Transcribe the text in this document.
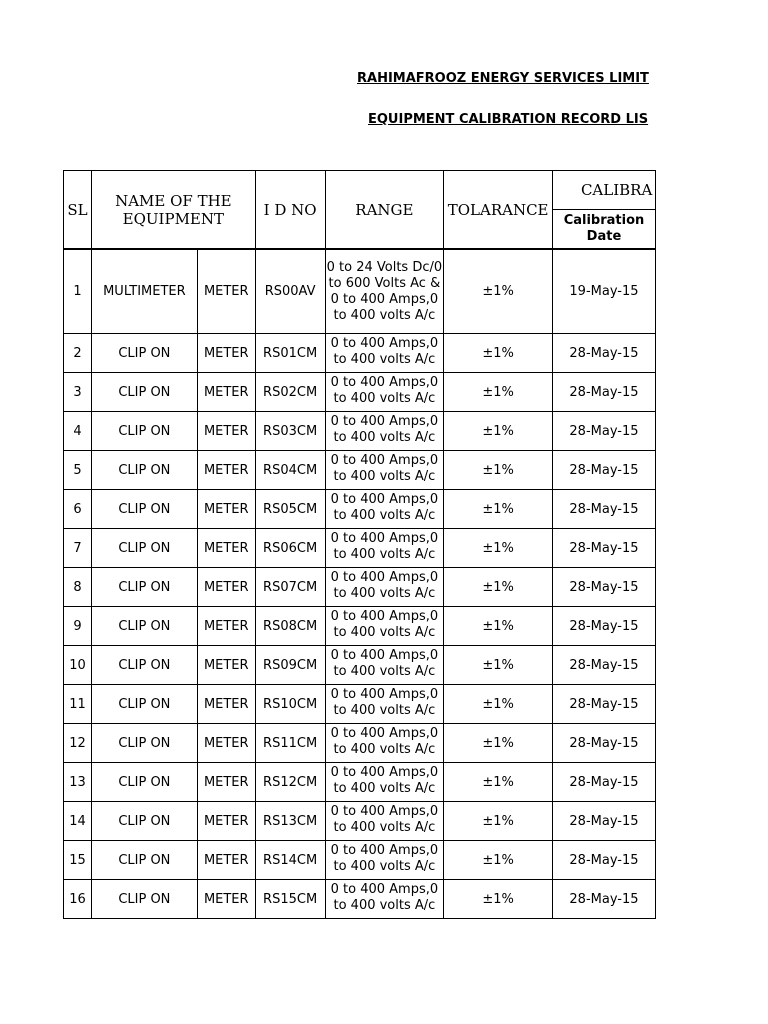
RAHIMAFROOZ ENERGY SERVICES LIMIT
EQUIPMENT CALIBRATION RECORD LIS
SL	NAME OF THE EQUIPMENT		I D NO	RANGE	TOLARANCE	CALIBRA
						Calibration Date
1	MULTIMETER	METER	RS00AV	0 to 24 Volts Dc/0 to 600 Volts Ac & 0 to 400 Amps,0 to 400 volts A/c	±1%	19-May-15
2	CLIP ON	METER	RS01CM	0 to 400 Amps,0 to 400 volts A/c	±1%	28-May-15
3	CLIP ON	METER	RS02CM	0 to 400 Amps,0 to 400 volts A/c	±1%	28-May-15
4	CLIP ON	METER	RS03CM	0 to 400 Amps,0 to 400 volts A/c	±1%	28-May-15
5	CLIP ON	METER	RS04CM	0 to 400 Amps,0 to 400 volts A/c	±1%	28-May-15
6	CLIP ON	METER	RS05CM	0 to 400 Amps,0 to 400 volts A/c	±1%	28-May-15
7	CLIP ON	METER	RS06CM	0 to 400 Amps,0 to 400 volts A/c	±1%	28-May-15
8	CLIP ON	METER	RS07CM	0 to 400 Amps,0 to 400 volts A/c	±1%	28-May-15
9	CLIP ON	METER	RS08CM	0 to 400 Amps,0 to 400 volts A/c	±1%	28-May-15
10	CLIP ON	METER	RS09CM	0 to 400 Amps,0 to 400 volts A/c	±1%	28-May-15
11	CLIP ON	METER	RS10CM	0 to 400 Amps,0 to 400 volts A/c	±1%	28-May-15
12	CLIP ON	METER	RS11CM	0 to 400 Amps,0 to 400 volts A/c	±1%	28-May-15
13	CLIP ON	METER	RS12CM	0 to 400 Amps,0 to 400 volts A/c	±1%	28-May-15
14	CLIP ON	METER	RS13CM	0 to 400 Amps,0 to 400 volts A/c	±1%	28-May-15
15	CLIP ON	METER	RS14CM	0 to 400 Amps,0 to 400 volts A/c	±1%	28-May-15
16	CLIP ON	METER	RS15CM	0 to 400 Amps,0 to 400 volts A/c	±1%	28-May-15
